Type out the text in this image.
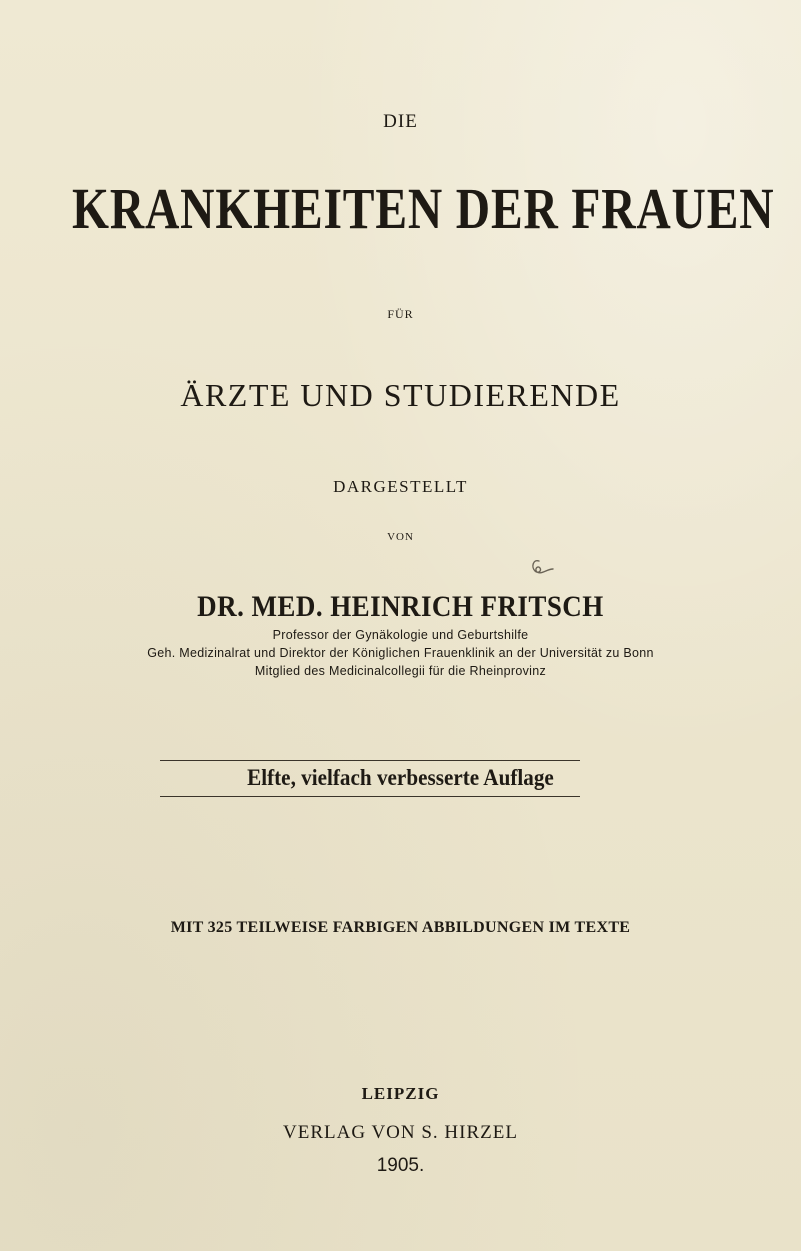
DIE
KRANKHEITEN DER FRAUEN
FÜR
ÄRZTE UND STUDIERENDE
DARGESTELLT
VON
DR. MED. HEINRICH FRITSCH
Professor der Gynäkologie und Geburtshilfe
Geh. Medizinalrat und Direktor der Königlichen Frauenklinik an der Universität zu Bonn
Mitglied des Medicinalcollegii für die Rheinprovinz
Elfte, vielfach verbesserte Auflage
MIT 325 TEILWEISE FARBIGEN ABBILDUNGEN IM TEXTE
LEIPZIG
VERLAG VON S. HIRZEL
1905.
